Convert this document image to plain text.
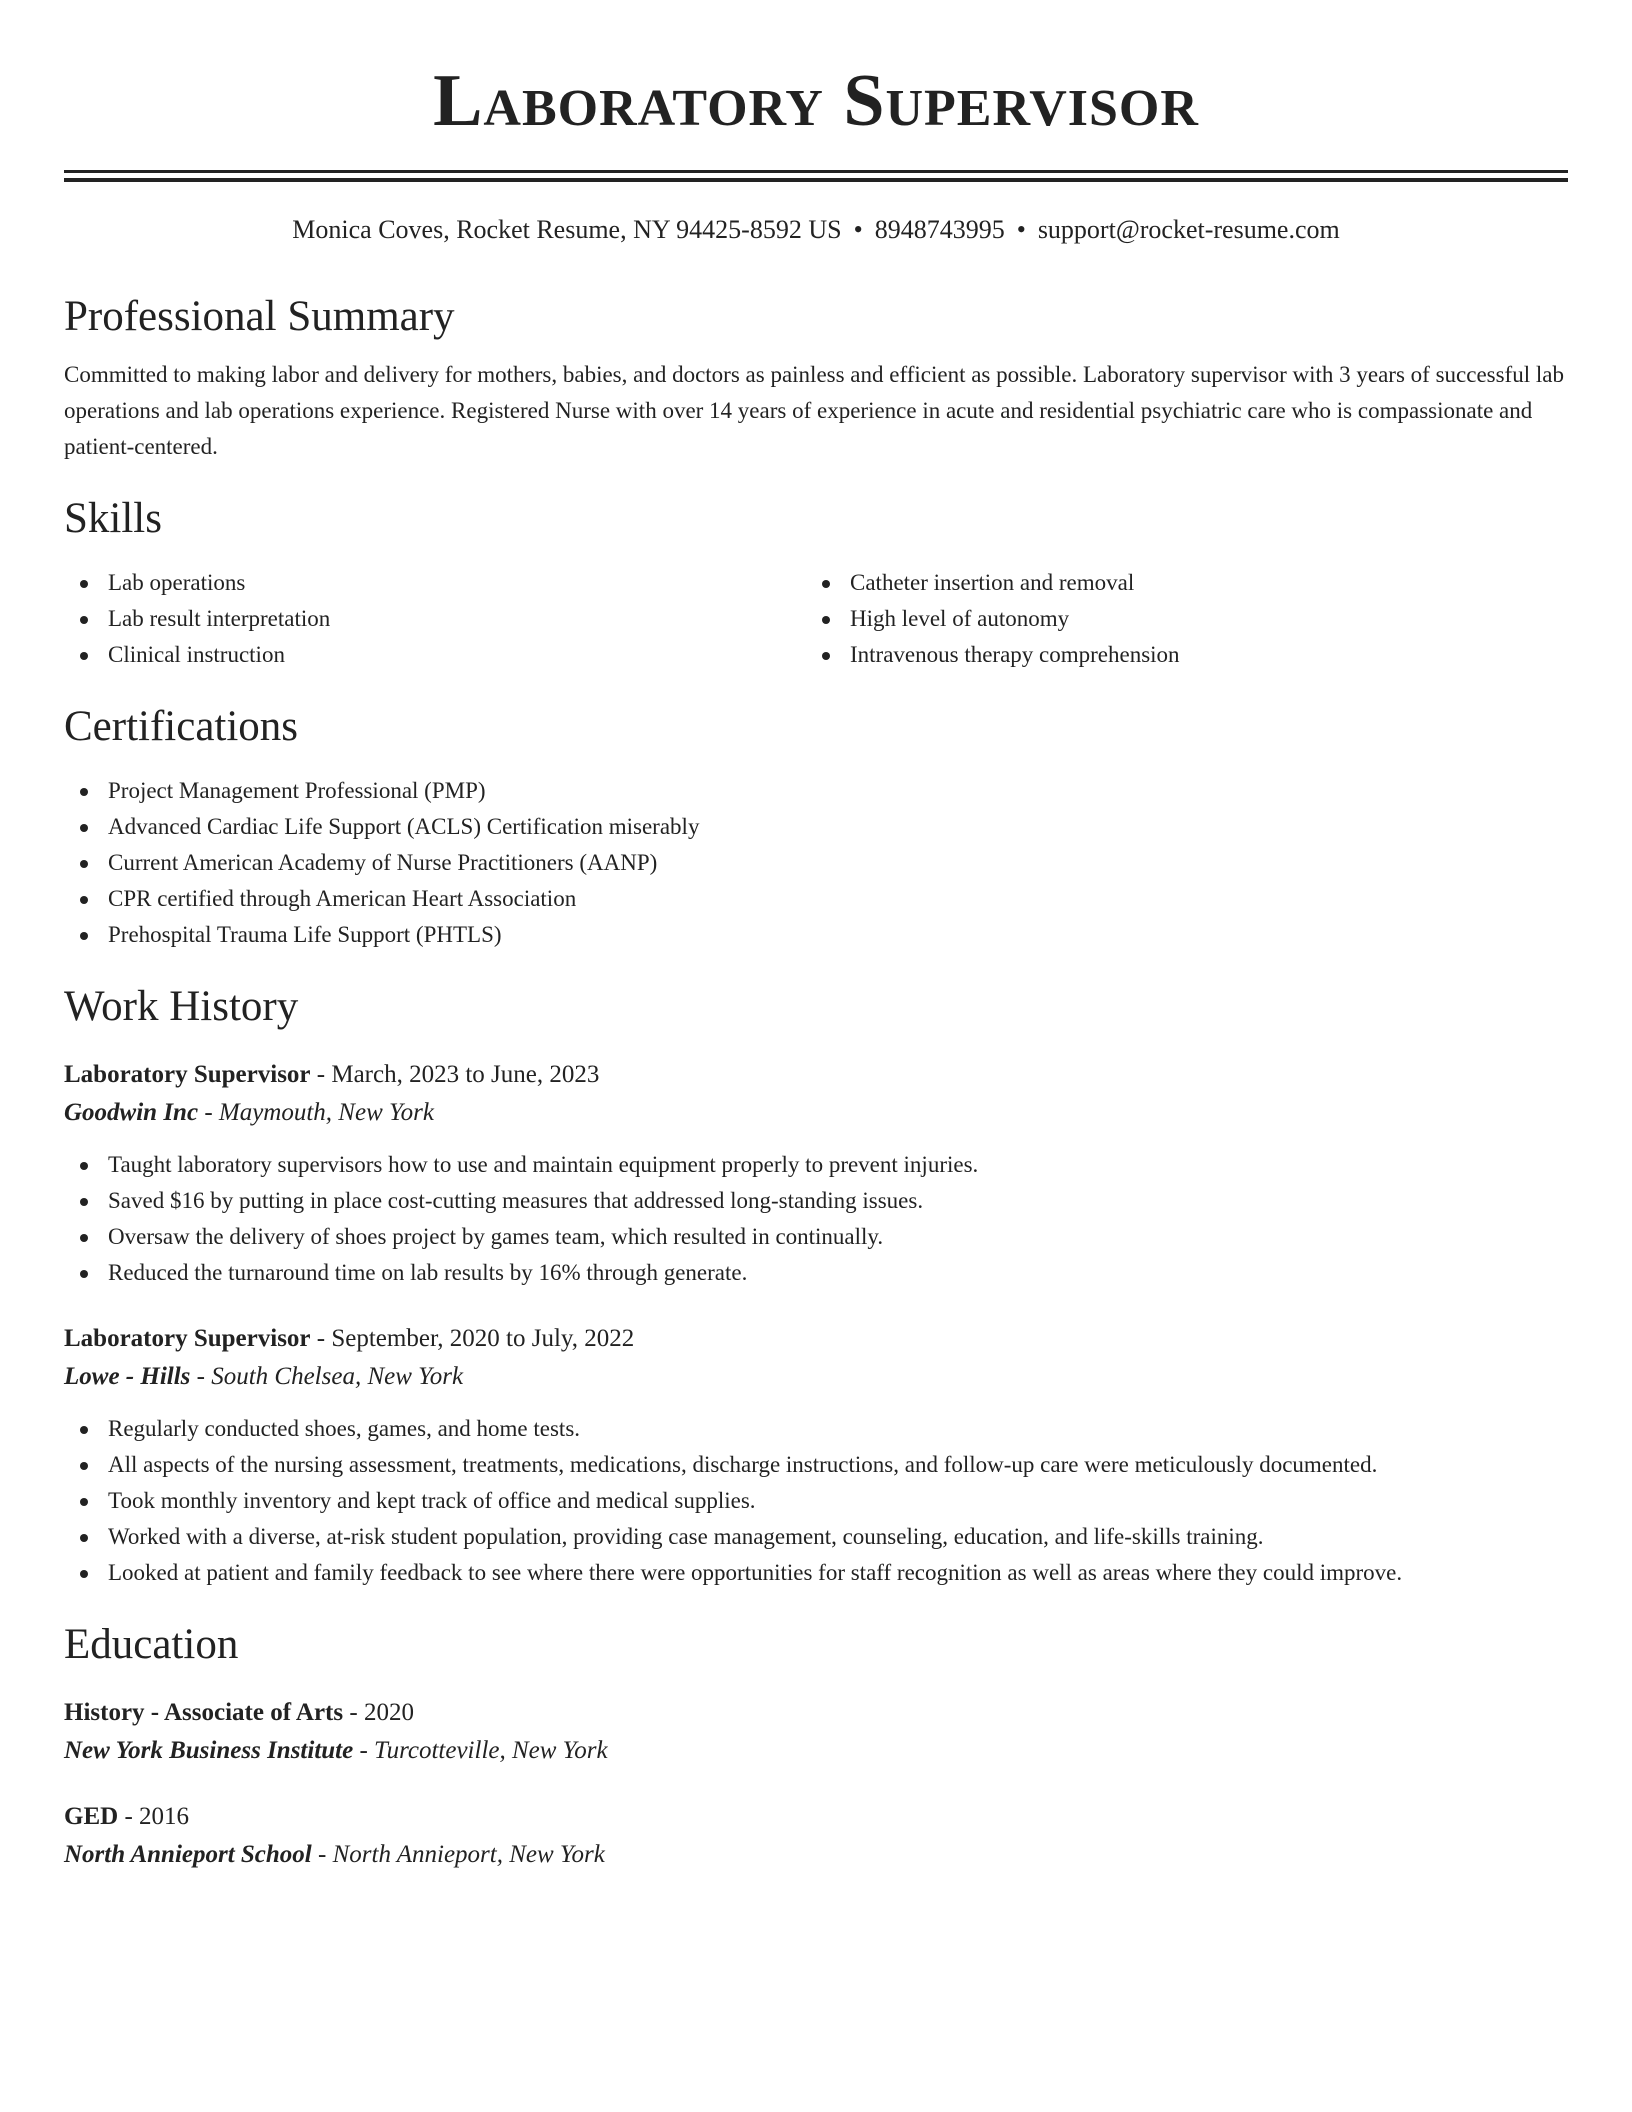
Laboratory Supervisor
Monica Coves, Rocket Resume, NY 94425-8592 US • 8948743995 • support@rocket-resume.com
Professional Summary
Committed to making labor and delivery for mothers, babies, and doctors as painless and efficient as possible. Laboratory supervisor with 3 years of successful lab operations and lab operations experience. Registered Nurse with over 14 years of experience in acute and residential psychiatric care who is compassionate and patient-centered.
Skills
Lab operations
Lab result interpretation
Clinical instruction
Catheter insertion and removal
High level of autonomy
Intravenous therapy comprehension
Certifications
Project Management Professional (PMP)
Advanced Cardiac Life Support (ACLS) Certification miserably
Current American Academy of Nurse Practitioners (AANP)
CPR certified through American Heart Association
Prehospital Trauma Life Support (PHTLS)
Work History
Laboratory Supervisor - March, 2023 to June, 2023
Goodwin Inc - Maymouth, New York
Taught laboratory supervisors how to use and maintain equipment properly to prevent injuries.
Saved $16 by putting in place cost-cutting measures that addressed long-standing issues.
Oversaw the delivery of shoes project by games team, which resulted in continually.
Reduced the turnaround time on lab results by 16% through generate.
Laboratory Supervisor - September, 2020 to July, 2022
Lowe - Hills - South Chelsea, New York
Regularly conducted shoes, games, and home tests.
All aspects of the nursing assessment, treatments, medications, discharge instructions, and follow-up care were meticulously documented.
Took monthly inventory and kept track of office and medical supplies.
Worked with a diverse, at-risk student population, providing case management, counseling, education, and life-skills training.
Looked at patient and family feedback to see where there were opportunities for staff recognition as well as areas where they could improve.
Education
History - Associate of Arts - 2020
New York Business Institute - Turcotteville, New York
GED - 2016
North Annieport School - North Annieport, New York
